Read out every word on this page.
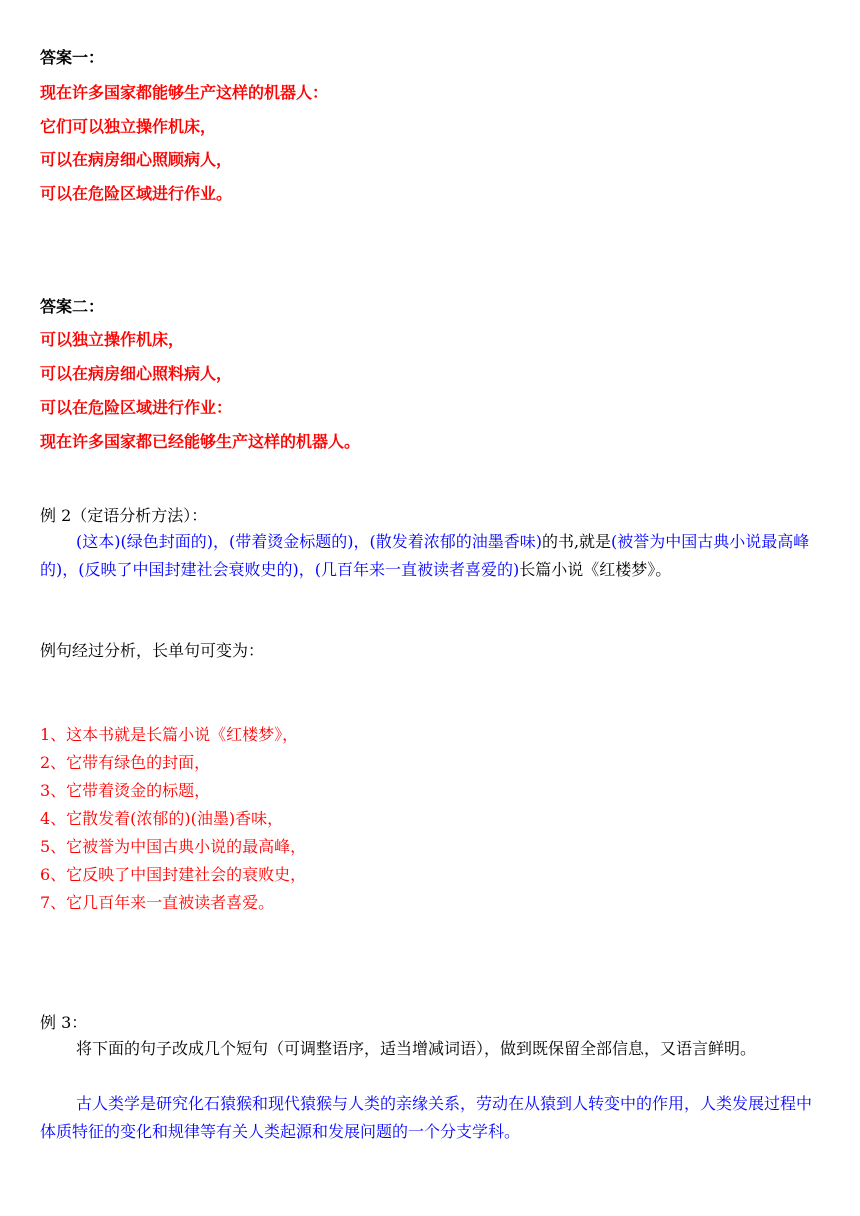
答案一：
现在许多国家都能够生产这样的机器人：
它们可以独立操作机床，
可以在病房细心照顾病人，
可以在危险区域进行作业。
答案二：
可以独立操作机床，
可以在病房细心照料病人，
可以在危险区域进行作业：
现在许多国家都已经能够生产这样的机器人。
例 2（定语分析方法）：
(这本)(绿色封面的)，(带着烫金标题的)，(散发着浓郁的油墨香味)的书,就是(被誉为中国古典小说最高峰的)，(反映了中国封建社会衰败史的)，(几百年来一直被读者喜爱的)长篇小说《红楼梦》。
例句经过分析，长单句可变为：
1、这本书就是长篇小说《红楼梦》，
2、它带有绿色的封面，
3、它带着烫金的标题，
4、它散发着(浓郁的)(油墨)香味，
5、它被誉为中国古典小说的最高峰，
6、它反映了中国封建社会的衰败史，
7、它几百年来一直被读者喜爱。
例 3：
将下面的句子改成几个短句（可调整语序，适当增减词语），做到既保留全部信息，又语言鲜明。
古人类学是研究化石猿猴和现代猿猴与人类的亲缘关系，劳动在从猿到人转变中的作用，人类发展过程中体质特征的变化和规律等有关人类起源和发展问题的一个分支学科。
